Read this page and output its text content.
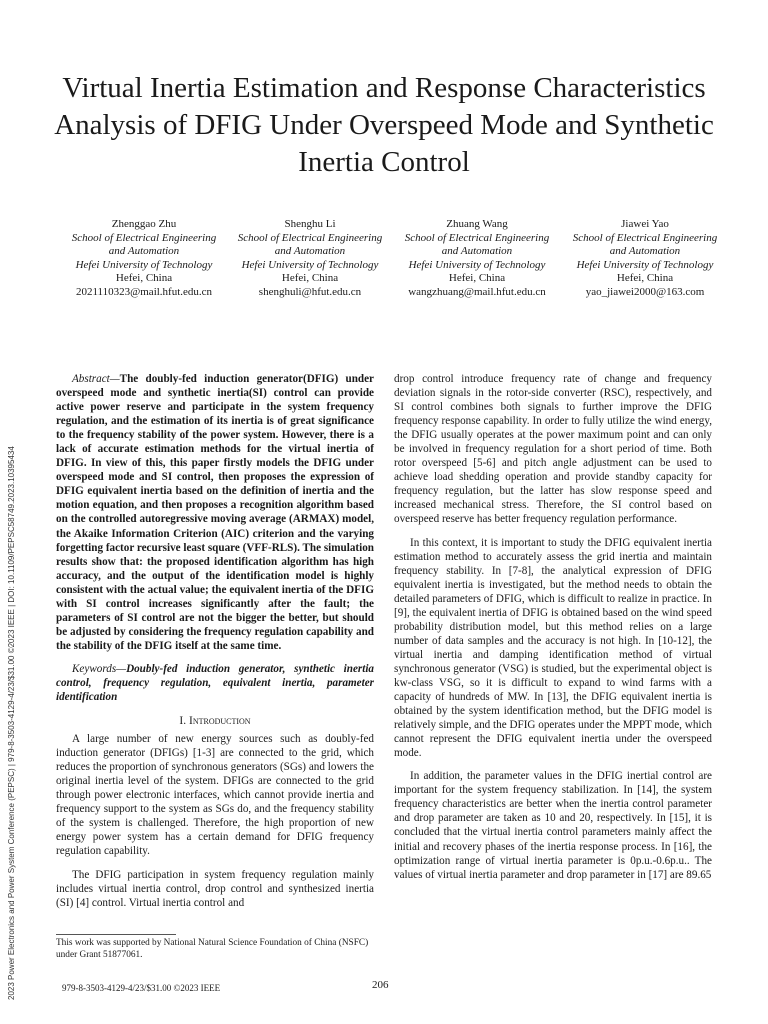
Virtual Inertia Estimation and Response Characteristics Analysis of DFIG Under Overspeed Mode and Synthetic Inertia Control
Zhenggao Zhu
School of Electrical Engineering
and Automation
Hefei University of Technology
Hefei, China
2021110323@mail.hfut.edu.cn
Shenghu Li
School of Electrical Engineering
and Automation
Hefei University of Technology
Hefei, China
shenghuli@hfut.edu.cn
Zhuang Wang
School of Electrical Engineering
and Automation
Hefei University of Technology
Hefei, China
wangzhuang@mail.hfut.edu.cn
Jiawei Yao
School of Electrical Engineering
and Automation
Hefei University of Technology
Hefei, China
yao_jiawei2000@163.com
2023 Power Electronics and Power System Conference (PEPSC) | 979-8-3503-4129-4/23/$31.00 ©2023 IEEE | DOI: 10.1109/PEPSC58749.2023.10395434

Abstract—The doubly-fed induction generator(DFIG) under overspeed mode and synthetic inertia(SI) control can provide active power reserve and participate in the system frequency regulation, and the estimation of its inertia is of great significance to the frequency stability of the power system. However, there is a lack of accurate estimation methods for the virtual inertia of DFIG. In view of this, this paper firstly models the DFIG under overspeed mode and SI control, then proposes the expression of DFIG equivalent inertia based on the definition of inertia and the motion equation, and then proposes a recognition algorithm based on the controlled autoregressive moving average (ARMAX) model, the Akaike Information Criterion (AIC) criterion and the varying forgetting factor recursive least square (VFF-RLS). The simulation results show that: the proposed identification algorithm has high accuracy, and the output of the identification model is highly consistent with the actual value; the equivalent inertia of the DFIG with SI control increases significantly after the fault; the parameters of SI control are not the bigger the better, but should be adjusted by considering the frequency regulation capability and the stability of the DFIG itself at the same time.

Keywords—Doubly-fed induction generator, synthetic inertia control, frequency regulation, equivalent inertia, parameter identification

I. Introduction

A large number of new energy sources such as doubly-fed induction generator (DFIGs) [1-3] are connected to the grid, which reduces the proportion of synchronous generators (SGs) and lowers the original inertia level of the system. DFIGs are connected to the grid through power electronic interfaces, which cannot provide inertia and frequency support to the system as SGs do, and the frequency stability of the system is challenged. Therefore, the high proportion of new energy power system has a certain demand for DFIG frequency regulation capability.

The DFIG participation in system frequency regulation mainly includes virtual inertia control, drop control and synthesized inertia (SI) [4] control. Virtual inertia control and

drop control introduce frequency rate of change and frequency deviation signals in the rotor-side converter (RSC), respectively, and SI control combines both signals to further improve the DFIG frequency response capability. In order to fully utilize the wind energy, the DFIG usually operates at the power maximum point and can only be involved in frequency regulation for a short period of time. Both rotor overspeed [5-6] and pitch angle adjustment can be used to achieve load shedding operation and provide standby capacity for frequency regulation, but the latter has slow response speed and increased mechanical stress. Therefore, the SI control based on overspeed reserve has better frequency regulation performance.

In this context, it is important to study the DFIG equivalent inertia estimation method to accurately assess the grid inertia and maintain frequency stability. In [7-8], the analytical expression of DFIG equivalent inertia is investigated, but the method needs to obtain the detailed parameters of DFIG, which is difficult to realize in practice. In [9], the equivalent inertia of DFIG is obtained based on the wind speed probability distribution model, but this method relies on a large number of data samples and the accuracy is not high. In [10-12], the virtual inertia and damping identification method of virtual synchronous generator (VSG) is studied, but the experimental object is kw-class VSG, so it is difficult to expand to wind farms with a capacity of hundreds of MW. In [13], the DFIG equivalent inertia is obtained by the system identification method, but the DFIG model is relatively simple, and the DFIG operates under the MPPT mode, which cannot represent the DFIG equivalent inertia under the overspeed mode.

In addition, the parameter values in the DFIG inertial control are important for the system frequency stabilization. In [14], the system frequency characteristics are better when the inertia control parameter and drop parameter are taken as 10 and 20, respectively. In [15], it is concluded that the virtual inertia control parameters mainly affect the initial and recovery phases of the inertia response process. In [16], the optimization range of virtual inertia parameter is 0p.u.-0.6p.u.. The values of virtual inertia parameter and drop parameter in [17] are 89.65

This work was supported by National Natural Science Foundation of China (NSFC) under Grant 51877061.
979-8-3503-4129-4/23/$31.00 ©2023 IEEE	206
